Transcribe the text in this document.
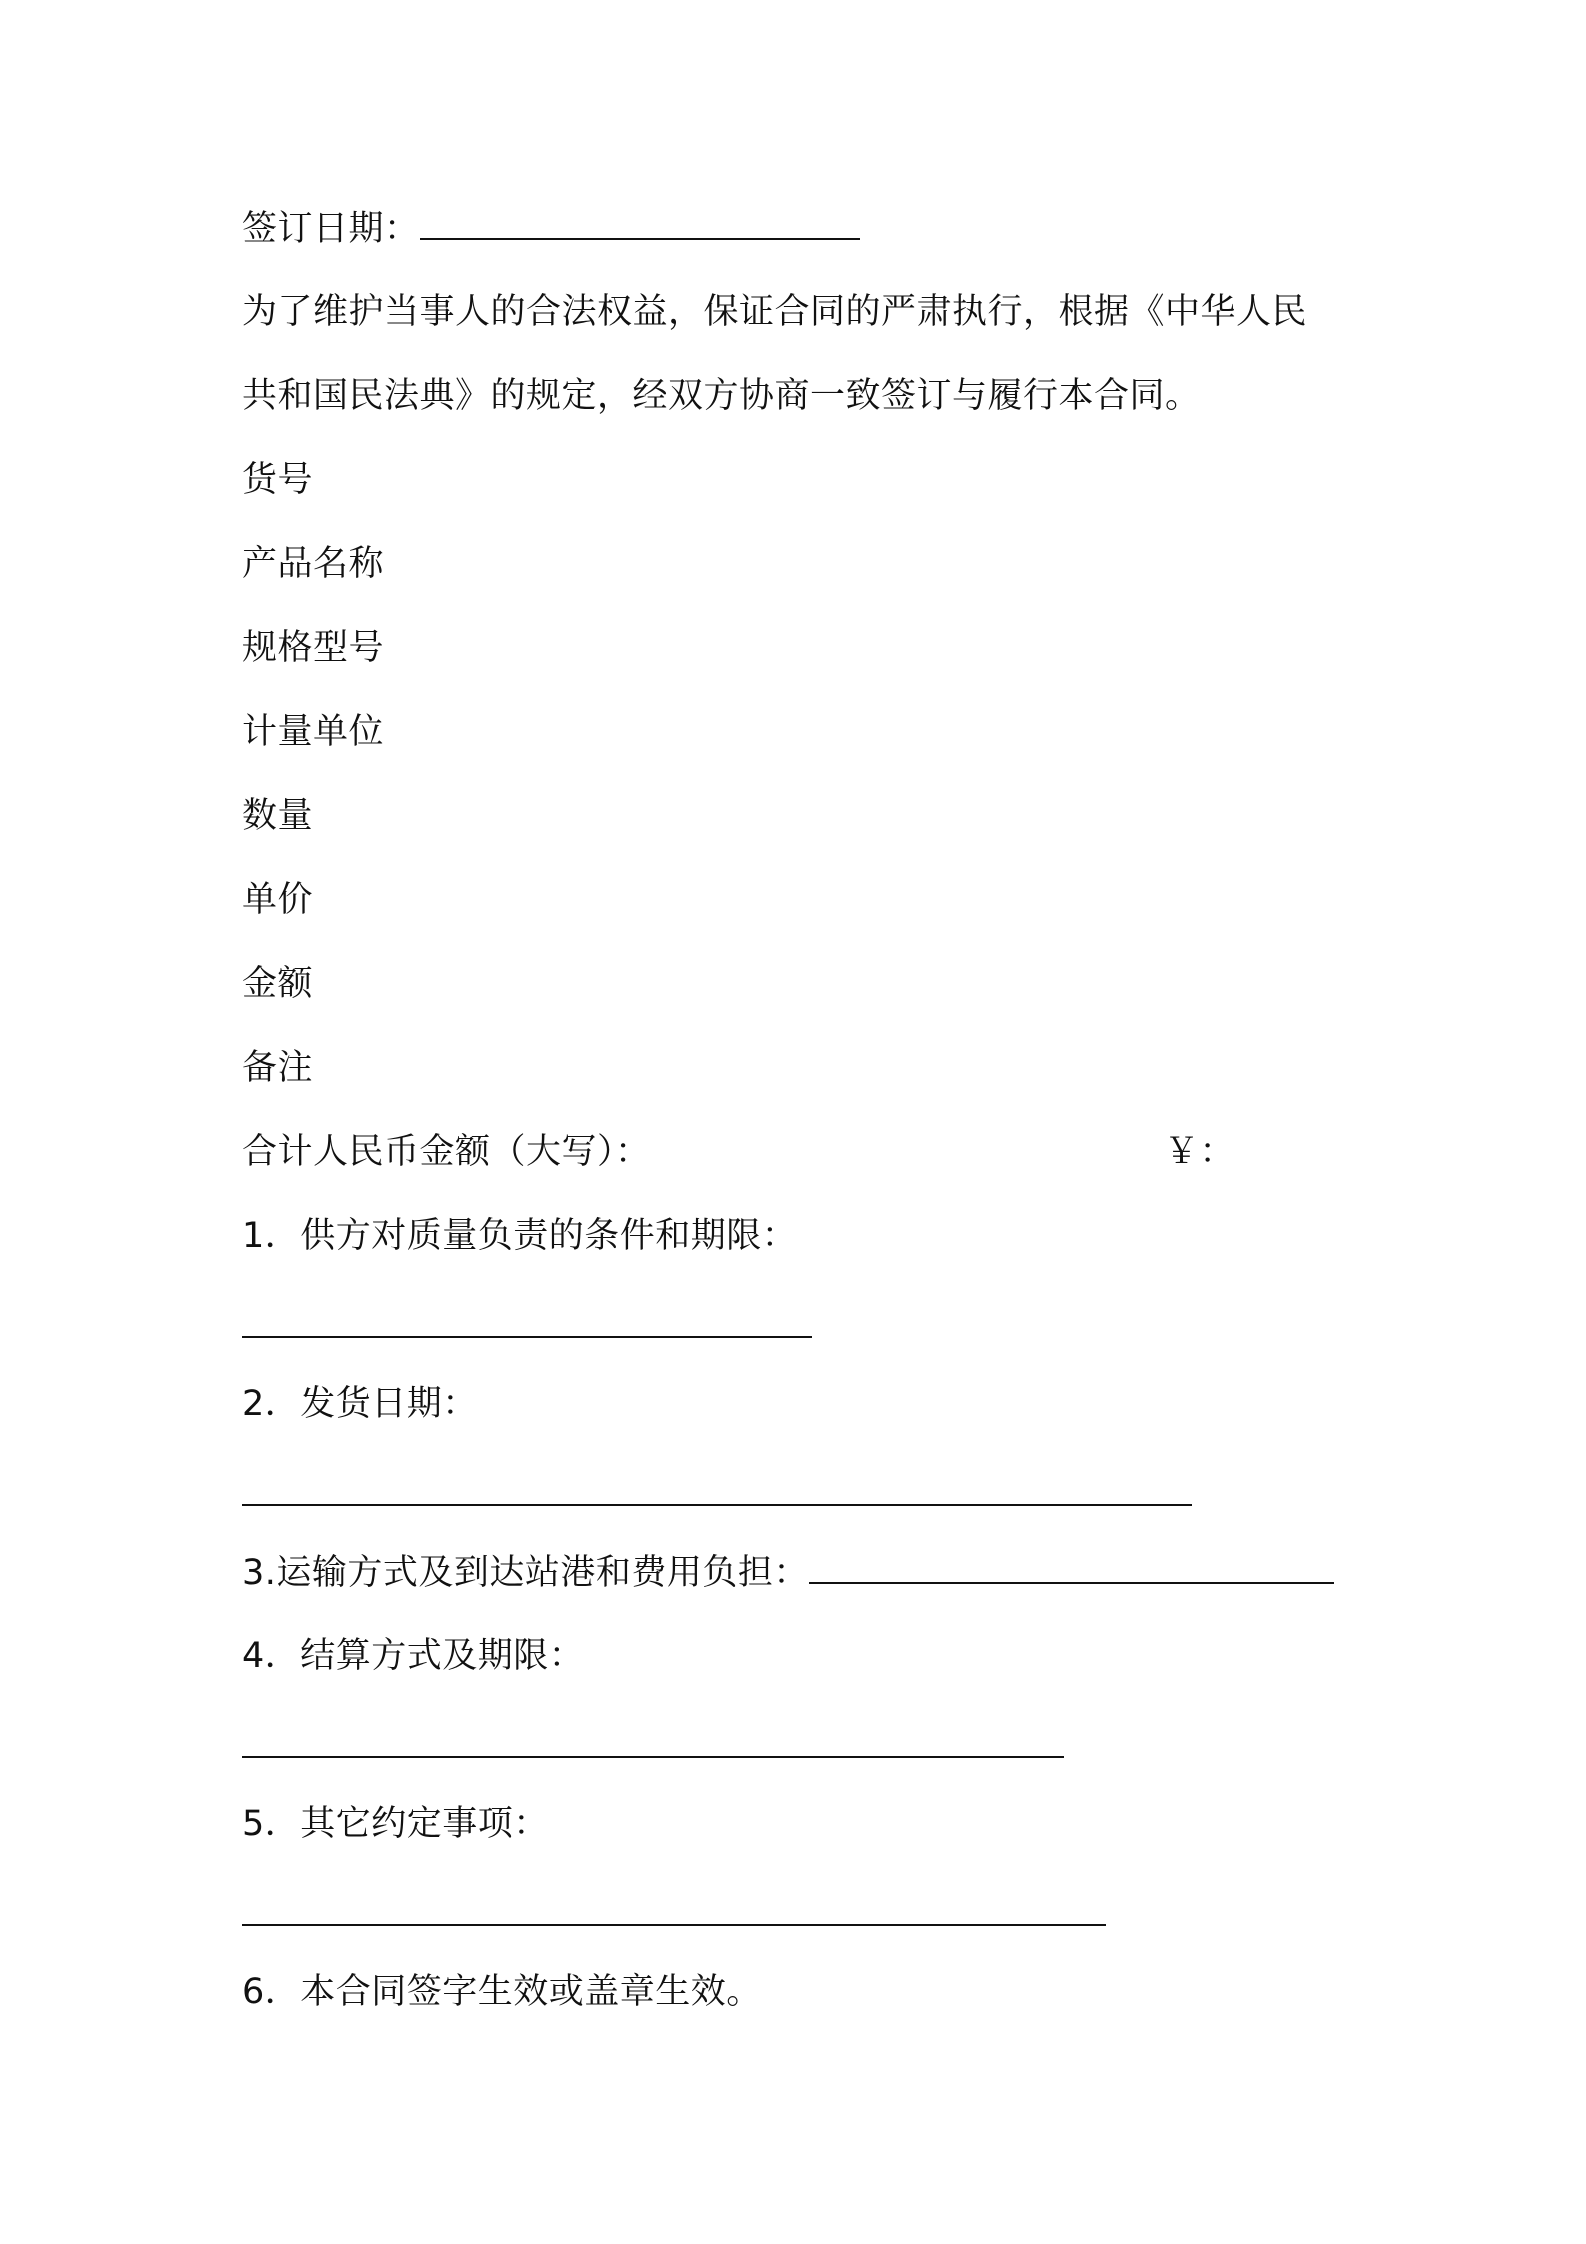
签订日期：
为了维护当事人的合法权益，保证合同的严肃执行，根据《中华人民
共和国民法典》的规定，经双方协商一致签订与履行本合同。
货号
产品名称
规格型号
计量单位
数量
单价
金额
备注
合计人民币金额（大写）：	￥：
1．供方对质量负责的条件和期限：
2．发货日期：
3.运输方式及到达站港和费用负担：
4．结算方式及期限：
5．其它约定事项：
6．本合同签字生效或盖章生效。
